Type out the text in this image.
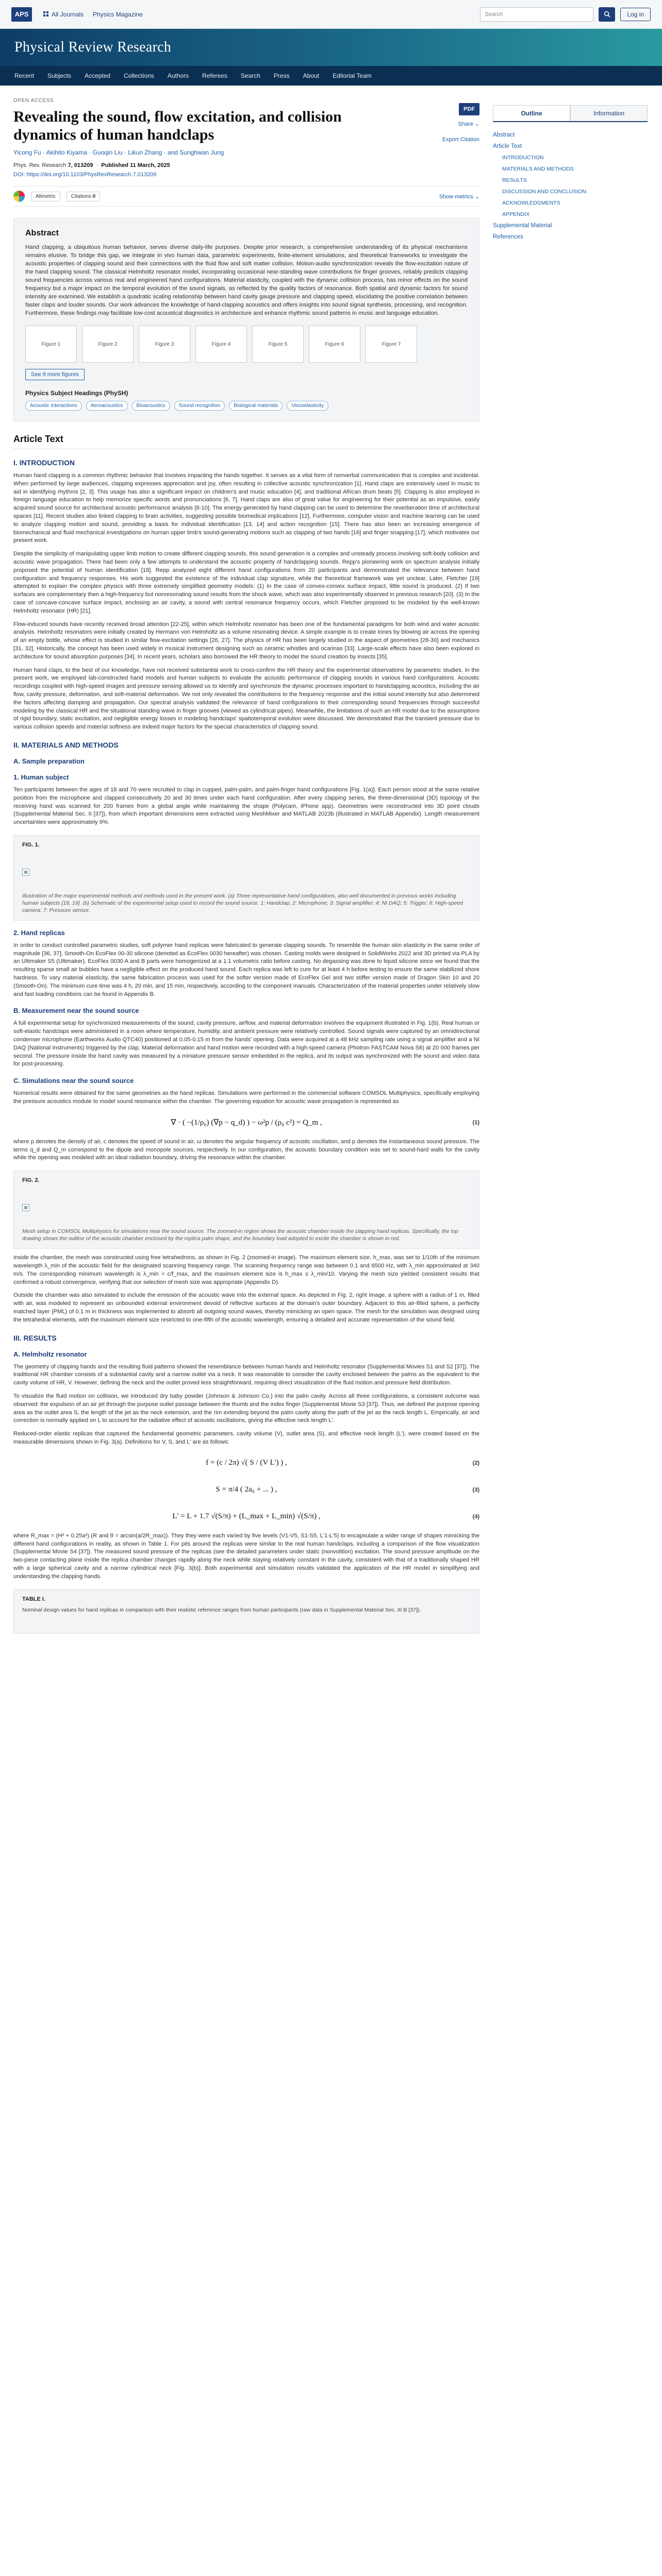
APS	All Journals Physics Magazine	Search	Log in
Physical Review Research
Recent Subjects Accepted Collections Authors Referees Search Press About Editorial Team
OPEN ACCESS
Revealing the sound, flow excitation, and collision dynamics of human handclaps
Yicong Fu · Akihito Kiyama · Guoqin Liu · Likun Zhang · and Sunghwan Jung
Phys. Rev. Research 7, 013209  ·  Published 11 March, 2025
DOI: https://doi.org/10.1103/PhysRevResearch.7.013209
PDF
Share ⌄
Export Citation
Altmetric	Citations 0	Show metrics ⌄
Abstract

Hand clapping, a ubiquitous human behavior, serves diverse daily-life purposes. Despite prior research, a comprehensive understanding of its physical mechanisms remains elusive. To bridge this gap, we integrate in vivo human data, parametric experiments, finite-element simulations, and theoretical frameworks to investigate the acoustic properties of clapping sound and their connections with the fluid flow and soft matter collision. Motion-audio synchronization reveals the flow-excitation nature of the hand clapping sound. The classical Helmholtz resonator model, incorporating occasional near-standing wave contributions for finger grooves, reliably predicts clapping sound frequencies across various real and engineered hand configurations. Material elasticity, coupled with the dynamic collision process, has minor effects on the sound frequency but a major impact on the temporal evolution of the sound signals, as reflected by the quality factors of resonance. Both spatial and dynamic factors for sound intensity are examined. We establish a quadratic scaling relationship between hand cavity gauge pressure and clapping speed, elucidating the positive correlation between faster claps and louder sounds. Our work advances the knowledge of hand-clapping acoustics and offers insights into sound signal synthesis, processing, and recognition. Furthermore, these findings may facilitate low-cost acoustical diagnostics in architecture and enhance rhythmic sound patterns in music and language education.

Figure 1	Figure 2	Figure 3	Figure 4	Figure 5	Figure 6	Figure 7
See 9 more figures
Physics Subject Headings (PhySH)
Acoustic interactions	Aeroacoustics	Bioacoustics	Sound recognition	Biological materials	Viscoelasticity
Article Text
I. INTRODUCTION

Human hand clapping is a common rhythmic behavior that involves impacting the hands together. It serves as a vital form of nonverbal communication that is complex and incidental. When performed by large audiences, clapping expresses appreciation and joy, often resulting in collective acoustic synchronization [1]. Hand claps are extensively used in music to aid in identifying rhythms [2, 3]. This usage has also a significant impact on children's and music education [4], and traditional African drum beats [5]. Clapping is also employed in foreign language education to help memorize specific words and pronunciations [6, 7]. Hand claps are also of great value for engineering for their potential as an impulsive, easily acquired sound source for architectural acoustic performance analysis [8-10]. The energy generated by hand clapping can be used to determine the reverberation time of architectural spaces [11]. Recent studies also linked clapping to brain activities, suggesting possible biomedical implications [12]. Furthermore, computer vision and machine learning can be used to analyze clapping motion and sound, providing a basis for individual identification [13, 14] and action recognition [15]. There has also been an increasing emergence of biomechanical and fluid mechanical investigations on human upper limb's sound-generating motions such as clapping of two hands [16] and finger snapping [17], which motivates our present work.

Despite the simplicity of manipulating upper limb motion to create different clapping sounds, this sound generation is a complex and unsteady process involving soft-body collision and acoustic wave propagation. There had been only a few attempts to understand the acoustic property of handclapping sounds. Repp's pioneering work on spectrum analysis initially proposed the potential of human identification [18]. Repp analyzed eight different hand configurations from 20 participants and demonstrated the relevance between hand configuration and frequency responses. His work suggested the existence of the individual clap signature, while the theoretical framework was yet unclear. Later, Fletcher [19] attempted to explain the complex physics with three extremely simplified geometry models: (1) In the case of convex-convex surface impact, little sound is produced. (2) If two surfaces are complementary then a high-frequency but nonresonating sound results from the shock wave, which was also experimentally observed in previous research [20]. (3) In the case of concave-concave surface impact, enclosing an air cavity, a sound with central resonance frequency occurs, which Fletcher proposed to be modeled by the well-known Helmholtz resonator (HR) [21].

Flow-induced sounds have recently received broad attention [22-25], within which Helmholtz resonator has been one of the fundamental paradigms for both wind and water acoustic analysis. Helmholtz resonators were initially created by Hermann von Helmholtz as a volume resonating device. A simple example is to create tones by blowing air across the opening of an empty bottle, whose effect is studied in similar flow-excitation settings [26, 27]. The physics of HR has been largely studied in the aspect of geometries [28-30] and mechanics [31, 32]. Historically, the concept has been used widely in musical instrument designing such as ceramic whistles and ocarinas [33]. Large-scale effects have also been explored in architecture for sound absorption purposes [34]. In recent years, scholars also borrowed the HR theory to model the sound creation by insects [35].

Human hand claps, to the best of our knowledge, have not received substantial work to cross-confirm the HR theory and the experimental observations by parametric studies. In the present work, we employed lab-constructed hand models and human subjects to evaluate the acoustic performance of clapping sounds in various hand configurations. Acoustic recordings coupled with high-speed images and pressure sensing allowed us to identify and synchronize the dynamic processes important to handclapping acoustics, including the air flow, cavity pressure, deformation, and soft-material deformation. We not only revealed the contributions to the frequency response and the initial sound intensity but also determined the factors affecting damping and propagation. Our spectral analysis validated the relevance of hand configurations to their corresponding sound frequencies through successful modeling by the classical HR and the situational standing wave in finger grooves (viewed as cylindrical pipes). Meanwhile, the limitations of such an HR model due to the assumptions of rigid boundary, static excitation, and negligible energy losses in modeling handclaps' spatiotemporal evolution were discussed. We demonstrated that the transient pressure due to various collision speeds and material softness are indeed major factors for the special characteristics of clapping sound.

II. MATERIALS AND METHODS
A. Sample preparation
1. Human subject

Ten participants between the ages of 18 and 70 were recruited to clap in cupped, palm-palm, and palm-finger hand configurations [Fig. 1(a)]. Each person stood at the same relative position from the microphone and clapped consecutively 20 and 30 times under each hand configuration. After every clapping series, the three-dimensional (3D) topology of the receiving hand was scanned for 200 frames from a global angle while maintaining the shape (Polycam, iPhone app). Geometries were reconstructed into 3D point clouds (Supplemental Material Sec. II [37]), from which important dimensions were extracted using MeshMixer and MATLAB 2023b (illustrated in MATLAB Appendix). Length measurement uncertainties were approximately 9%.

FIG. 1.
Illustration of the major experimental methods and methods used in the present work. (a) Three representative hand configurations, also well documented in previous works including human subjects [18, 19]. (b) Schematic of the experimental setup used to record the sound source. 1: Handclap; 2: Microphone; 3: Signal amplifier; 4: NI DAQ; 5: Trigger; 6: High-speed camera; 7: Pressure sensor.
2. Hand replicas

In order to conduct controlled parametric studies, soft polymer hand replicas were fabricated to generate clapping sounds. To resemble the human skin elasticity in the same order of magnitude [36, 37], Smooth-On EcoFlex 00-30 silicone (denoted as EcoFlex 0030 hereafter) was chosen. Casting molds were designed in SolidWorks 2022 and 3D printed via PLA by an Ultimaker S5 (Ultimaker). EcoFlex 0030 A and B parts were homogenized at a 1:1 volumetric ratio before casting. No degassing was done to liquid silicone since we found that the resulting sparse small air bubbles have a negligible effect on the produced hand sound. Each replica was left to cure for at least 4 h before testing to ensure the same stabilized shore hardness. To vary material elasticity, the same fabrication process was used for the softer version made of EcoFlex Gel and two stiffer version made of Dragon Skin 10 and 20 (Smooth-On). The minimum cure time was 4 h, 20 min, and 15 min, respectively, according to the component manuals. Characterization of the material properties under relatively slow and fast loading conditions can be found in Appendix B.

B. Measurement near the sound source

A full experimental setup for synchronized measurements of the sound, cavity pressure, airflow, and material deformation involves the equipment illustrated in Fig. 1(b). Real human or soft-elastic handclaps were administered in a room where temperature, humidity, and ambient pressure were relatively controlled. Sound signals were captured by an omnidirectional condenser microphone (Earthworks Audio QTC40) positioned at 0.05-0.15 m from the hands' opening. Data were acquired at a 48 kHz sampling rate using a signal amplifier and a NI DAQ (National Instruments) triggered by the clap. Material deformation and hand motion were recorded with a high-speed camera (Photron FASTCAM Nova S6) at 20 000 frames per second. The pressure inside the hand cavity was measured by a miniature pressure sensor embedded in the replica, and its output was synchronized with the sound and video data for post-processing.

C. Simulations near the sound source

Numerical results were obtained for the same geometries as the hand replicas. Simulations were performed in the commercial software COMSOL Multiphysics, specifically employing the pressure acoustics module to model sound resonance within the chamber. The governing equation for acoustic wave propagation is represented as

∇ · ( −(1/ρ₀) (∇p − q_d) ) − ω²p / (ρ₀ c²) = Q_m ,	(1)

where p denotes the density of air, c denotes the speed of sound in air, ω denotes the angular frequency of acoustic oscillation, and p denotes the instantaneous sound pressure. The terms q_d and Q_m correspond to the dipole and monopole sources, respectively. In our configuration, the acoustic boundary condition was set to sound-hard walls for the cavity while the opening was modeled with an ideal radiation boundary, driving the resonance within the chamber.

FIG. 2.
Mesh setup in COMSOL Multiphysics for simulations near the sound source. The zoomed-in region shows the acoustic chamber inside the clapping hand replicas. Specifically, the top drawing shows the outline of the acoustic chamber enclosed by the replica palm shape, and the boundary load adopted to excite the chamber is shown in red.

Inside the chamber, the mesh was constructed using free tetrahedrons, as shown in Fig. 2 (zoomed-in image). The maximum element size, h_max, was set to 1/10th of the minimum wavelength λ_min of the acoustic field for the designated scanning frequency range. The scanning frequency range was between 0.1 and 6500 Hz, with λ_min approximated at 340 m/s. The corresponding minimum wavelength is λ_min = c/f_max, and the maximum element size is h_max ≤ λ_min/10. Varying the mesh size yielded consistent results that confirmed a robust convergence, verifying that our selection of mesh size was appropriate (Appendix D).

Outside the chamber was also simulated to include the emission of the acoustic wave into the external space. As depicted in Fig. 2, right image, a sphere with a radius of 1 m, filled with air, was modeled to represent an unbounded external environment devoid of reflective surfaces at the domain's outer boundary. Adjacent to this air-filled sphere, a perfectly matched layer (PML) of 0.1 m in thickness was implemented to absorb all outgoing sound waves, thereby mimicking an open space. The mesh for the simulation was designed using the tetrahedral elements, with the maximum element size restricted to one-fifth of the acoustic wavelength, ensuring a detailed and accurate representation of the sound field.

III. RESULTS
A. Helmholtz resonator

The geometry of clapping hands and the resulting fluid patterns showed the resemblance between human hands and Helmholtz resonator (Supplemental Movies S1 and S2 [37]). The traditional HR chamber consists of a substantial cavity and a narrow outlet via a neck. It was reasonable to consider the cavity enclosed between the palms as the equivalent to the cavity volume of HR, V. However, defining the neck and the outlet proved less straightforward, requiring direct visualization of the fluid motion and pressure field distribution.

To visualize the fluid motion on collision, we introduced dry baby powder (Johnson & Johnson Co.) into the palm cavity. Across all three configurations, a consistent outcome was observed: the expulsion of an air jet through the purpose outlet passage between the thumb and the index finger (Supplemental Movie S3 [37]). Thus, we defined the purpose opening area as the outlet area S, the length of the jet as the neck extension, and the rim extending beyond the palm cavity along the path of the jet as the neck length L. Empirically, air and correction is normally applied on L to account for the radiative effect of acoustic oscillations, giving the effective neck length L'.

Reduced-order elastic replicas that captured the fundamental geometric parameters, cavity volume (V), outlet area (S), and effective neck length (L'), were created based on the measurable dimensions shown in Fig. 3(a). Definitions for V, S, and L' are as follows:

f = (c / 2π) √( S / (V L') ) ,	(2)
S = π/4 ( 2a₀ + ... ) ,	(3)
L' = L + 1.7 √(S/π) + (L_max + L_min) √(S/π) ,	(4)

where R_max = (H² + 0.25a²) (R and θ = arcsin(a/2R_max)). They they were each varied by five levels (V1-V5, S1-S5, L'1-L'5) to encapsulate a wider range of shapes mimicking the different hand configurations in reality, as shown in Table 1. For pits around the replicas were similar to the real human handclaps, including a comparison of the flow visualization (Supplemental Movie S4 [37]). The measured sound pressure of the replicas (see the detailed parameters under static (nonvolition) excitation. The sound pressure amplitude on the two-piece contacting plane inside the replica chamber changes rapidly along the neck while staying relatively constant in the cavity, consistent with that of a traditionally shaped HR with a large spherical cavity and a narrow cylindrical neck [Fig. 3(b)]. Both experimental and simulation results validated the application of the HR model in simplifying and understanding the clapping hands.

TABLE I.
Nominal design values for hand replicas in comparison with their realistic reference ranges from human participants (raw data in Supplemental Material Sec. III B [37]).
Outline	Information
Abstract
Article Text
INTRODUCTION
MATERIALS AND METHODS
RESULTS
DISCUSSION AND CONCLUSION
ACKNOWLEDGMENTS
APPENDIX
Supplemental Material
References
